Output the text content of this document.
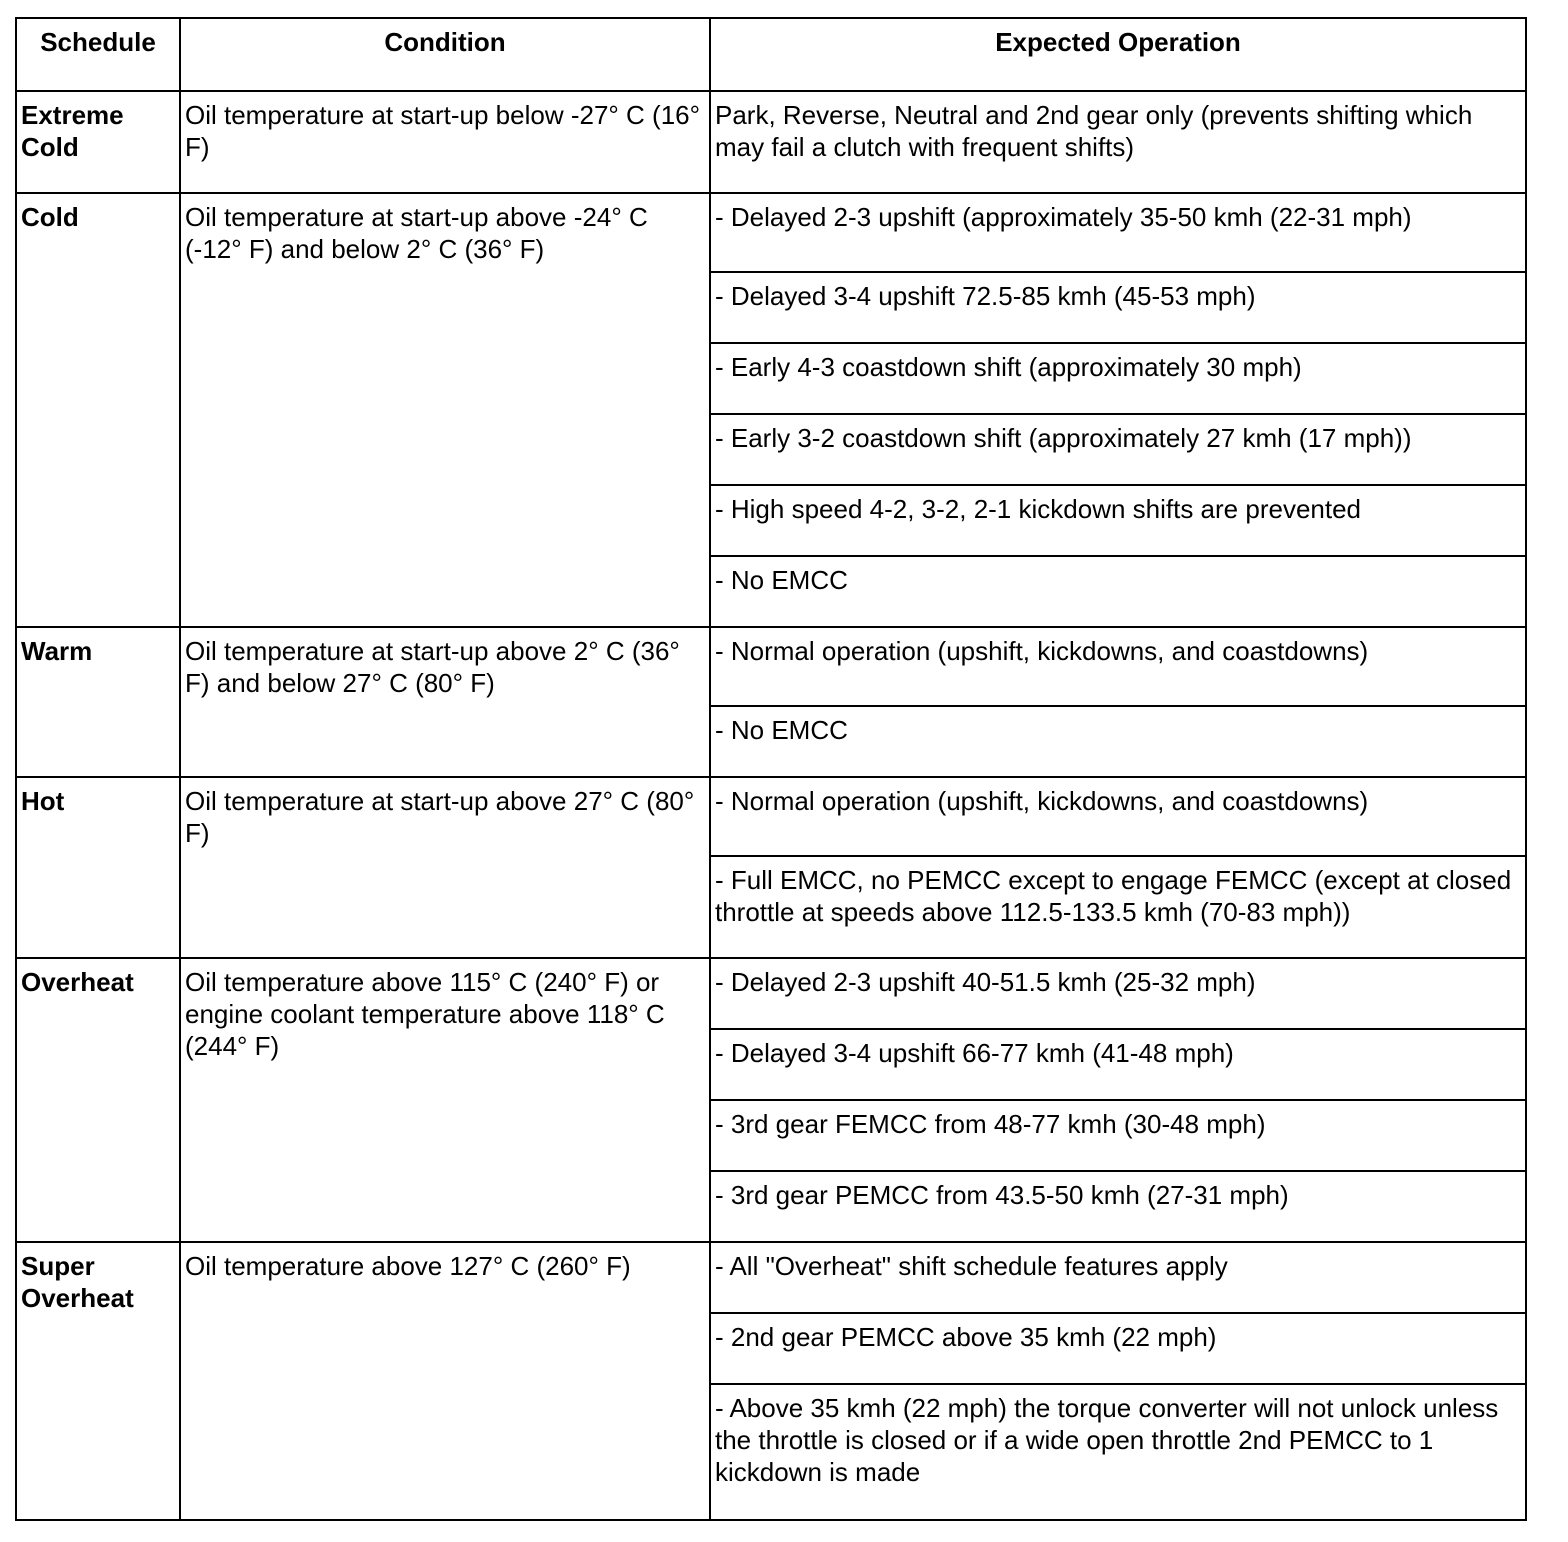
Schedule	Condition	Expected Operation
Extreme Cold	Oil temperature at start-up below -27° C (16° F)	Park, Reverse, Neutral and 2nd gear only (prevents shifting which may fail a clutch with frequent shifts)
Cold	Oil temperature at start-up above -24° C (-12° F) and below 2° C (36° F)	- Delayed 2-3 upshift (approximately 35-50 kmh (22-31 mph)
		- Delayed 3-4 upshift 72.5-85 kmh (45-53 mph)
		- Early 4-3 coastdown shift (approximately 30 mph)
		- Early 3-2 coastdown shift (approximately 27 kmh (17 mph))
		- High speed 4-2, 3-2, 2-1 kickdown shifts are prevented
		- No EMCC
Warm	Oil temperature at start-up above 2° C (36° F) and below 27° C (80° F)	- Normal operation (upshift, kickdowns, and coastdowns)
		- No EMCC
Hot	Oil temperature at start-up above 27° C (80° F)	- Normal operation (upshift, kickdowns, and coastdowns)
		- Full EMCC, no PEMCC except to engage FEMCC (except at closed throttle at speeds above 112.5-133.5 kmh (70-83 mph))
Overheat	Oil temperature above 115° C (240° F) or engine coolant temperature above 118° C (244° F)	- Delayed 2-3 upshift 40-51.5 kmh (25-32 mph)
		- Delayed 3-4 upshift 66-77 kmh (41-48 mph)
		- 3rd gear FEMCC from 48-77 kmh (30-48 mph)
		- 3rd gear PEMCC from 43.5-50 kmh (27-31 mph)
Super Overheat	Oil temperature above 127° C (260° F)	- All "Overheat" shift schedule features apply
		- 2nd gear PEMCC above 35 kmh (22 mph)
		- Above 35 kmh (22 mph) the torque converter will not unlock unless the throttle is closed or if a wide open throttle 2nd PEMCC to 1 kickdown is made
